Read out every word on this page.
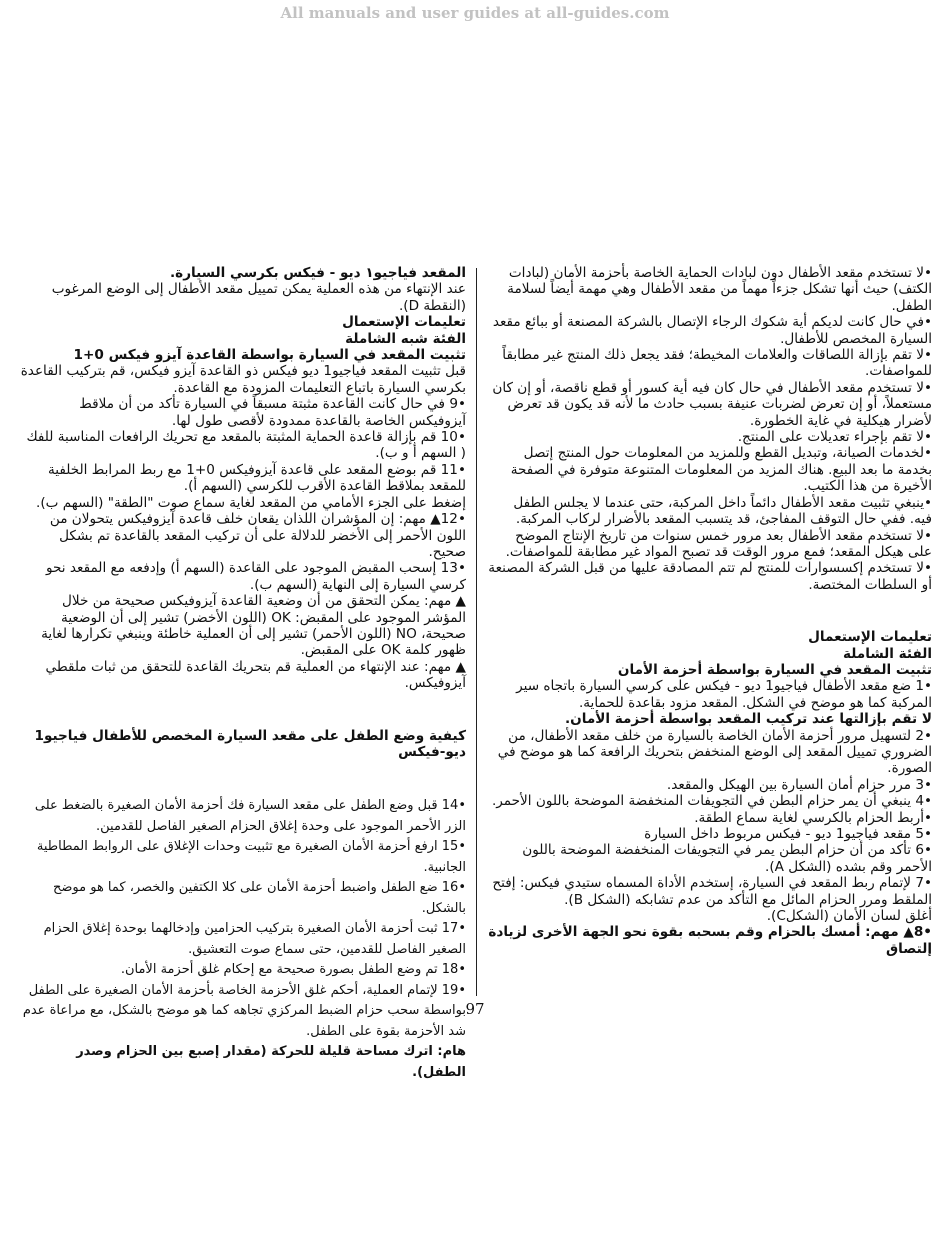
All manuals and user guides at all-guides.com

•لا تستخدم مقعد الأطفال دون لبادات الحماية الخاصة بأحزمة الأمان (لبادات الكتف) حيث أنها تشكل جزءاً مهماً من مقعد الأطفال وهي مهمة أيضاً لسلامة الطفل.

•في حال كانت لديكم أية شكوك الرجاء الإتصال بالشركة المصنعة أو ببائع مقعد السيارة المخصص للأطفال.

•لا تقم بإزالة اللصاقات والعلامات المخيطة؛ فقد يجعل ذلك المنتج غير مطابقاً للمواصفات.

•لا تستخدم مقعد الأطفال في حال كان فيه أية كسور أو قطع ناقصة، أو إن كان مستعملاً، أو إن تعرض لضربات عنيفة بسبب حادث ما لأنه قد يكون قد تعرض لأضرار هيكلية في غاية الخطورة.

•لا تقم بإجراء تعديلات على المنتج.

•لخدمات الصيانة، وتبديل القطع وللمزيد من المعلومات حول المنتج إتصل بخدمة ما بعد البيع. هناك المزيد من المعلومات المتنوعة متوفرة في الصفحة الأخيرة من هذا الكتيب.

•ينبغي تثبيت مقعد الأطفال دائماً داخل المركبة، حتى عندما لا يجلس الطفل فيه. ففي حال التوقف المفاجئ، قد يتسبب المقعد بالأضرار لركاب المركبة.

•لا تستخدم مقعد الأطفال بعد مرور خمس سنوات من تاريخ الإنتاج الموضح على هيكل المقعد؛ فمع مرور الوقت قد تصبح المواد غير مطابقة للمواصفات.

•لا تستخدم إكسسوارات للمنتج لم تتم المصادقة عليها من قبل الشركة المصنعة أو السلطات المختصة.

تعليمات الإستعمال

الفئة الشاملة

تثبيت المقعد في السيارة بواسطة أحزمة الأمان

•1 ضع مقعد الأطفال فياجيو1 ديو - فيكس على كرسي السيارة باتجاه سير المركبة كما هو موضح في الشكل. المقعد مزود بقاعدة للحماية.

لا تقم بإزالتها عند تركيب المقعد بواسطة أحزمة الأمان.

•2 لتسهيل مرور أحزمة الأمان الخاصة بالسيارة من خلف مقعد الأطفال، من الضروري تمييل المقعد إلى الوضع المنخفض بتحريك الرافعة كما هو موضح في الصورة.

•3 مرر حزام أمان السيارة بين الهيكل والمقعد.

•4 ينبغي أن يمر حزام البطن في التجويفات المنخفضة الموضحة باللون الأحمر.

•أربط الحزام بالكرسي لغاية سماع الطقة.

•5 مقعد فياجيو1 ديو - فيكس مربوط داخل السيارة

•6 تأكد من أن حزام البطن يمر في التجويفات المنخفضة الموضحة باللون الأحمر وقم بشده (الشكل A).

•7 لإتمام ربط المقعد في السيارة، إستخدم الأداة المسماه ستيدي فيكس: إفتح الملقط ومرر الحزام المائل مع التأكد من عدم تشابكه (الشكل B).

أغلق لسان الأمان (الشكلC).

•8▲ مهم: أمسك بالحزام وقم بسحبه بقوة نحو الجهة الأخرى لزيادة إلتصاق

المقعد فياجيو١ ديو - فيكس بكرسي السيارة.

عند الإنتهاء من هذه العملية يمكن تمييل مقعد الأطفال إلى الوضع المرغوب (النقطة D).

تعليمات الإستعمال

الفئة شبه الشاملة

تثبيت المقعد في السيارة بواسطة القاعدة آيزو فيكس 0+1

قبل تثبيت المقعد فياجيو1 ديو فيكس ذو القاعدة آيزو فيكس، قم بتركيب القاعدة بكرسي السيارة باتباع التعليمات المزودة مع القاعدة.

•9 في حال كانت القاعدة مثبتة مسبقاً في السيارة تأكد من أن ملاقط آيزوفيكس الخاصة بالقاعدة ممدودة لأقصى طول لها.

•10 قم بإزالة قاعدة الحماية المثبتة بالمقعد مع تحريك الرافعات المناسبة للفك ( السهم أ و ب).

•11 قم بوضع المقعد على قاعدة آيزوفيكس 0+1 مع ربط المرابط الخلفية للمقعد بملاقط القاعدة الأقرب للكرسي (السهم أ).

إضغط على الجزء الأمامي من المقعد لغاية سماع صوت "الطقة" (السهم ب).

•12▲ مهم: إن المؤشران اللذان يقعان خلف قاعدة آيزوفيكس يتحولان من اللون الأحمر إلى الأخضر للدلالة على أن تركيب المقعد بالقاعدة تم بشكل صحيح.

•13 إسحب المقبض الموجود على القاعدة (السهم أ) وإدفعه مع المقعد نحو كرسي السيارة إلى النهاية (السهم ب).

▲ مهم: يمكن التحقق من أن وضعية القاعدة آيزوفيكس صحيحة من خلال المؤشر الموجود على المقبض: OK (اللون الأخضر) تشير إلى أن الوضعية صحيحة، NO (اللون الأحمر) تشير إلى أن العملية خاطئة وينبغي تكرارها لغاية ظهور كلمة OK على المقبض.

▲ مهم: عند الإنتهاء من العملية قم بتحريك القاعدة للتحقق من ثبات ملقطي آيزوفيكس.

كيفية وضع الطفل على مقعد السيارة المخصص للأطفال فياجيو1 ديو-فيكس

•14 قبل وضع الطفل على مقعد السيارة فك أحزمة الأمان الصغيرة بالضغط على الزر الأحمر الموجود على وحدة إغلاق الحزام الصغير الفاصل للقدمين.

•15 ارفع أحزمة الأمان الصغيرة مع تثبيت وحدات الإغلاق على الروابط المطاطية الجانبية.

•16 ضع الطفل واضبط أحزمة الأمان على كلا الكتفين والخصر، كما هو موضح بالشكل.

•17 ثبت أحزمة الأمان الصغيرة بتركيب الحزامين وإدخالهما بوحدة إغلاق الحزام الصغير الفاصل للقدمين، حتى سماع صوت التعشيق.

•18 تم وضع الطفل بصورة صحيحة مع إحكام غلق أحزمة الأمان.

•19 لإتمام العملية، أحكم غلق الأحزمة الخاصة بأحزمة الأمان الصغيرة على الطفل بواسطة سحب حزام الضبط المركزي تجاهه كما هو موضح بالشكل، مع مراعاة عدم شد الأحزمة بقوة على الطفل.

هام: اترك مساحة قليلة للحركة (مقدار إصبع بين الحزام وصدر الطفل).

97
